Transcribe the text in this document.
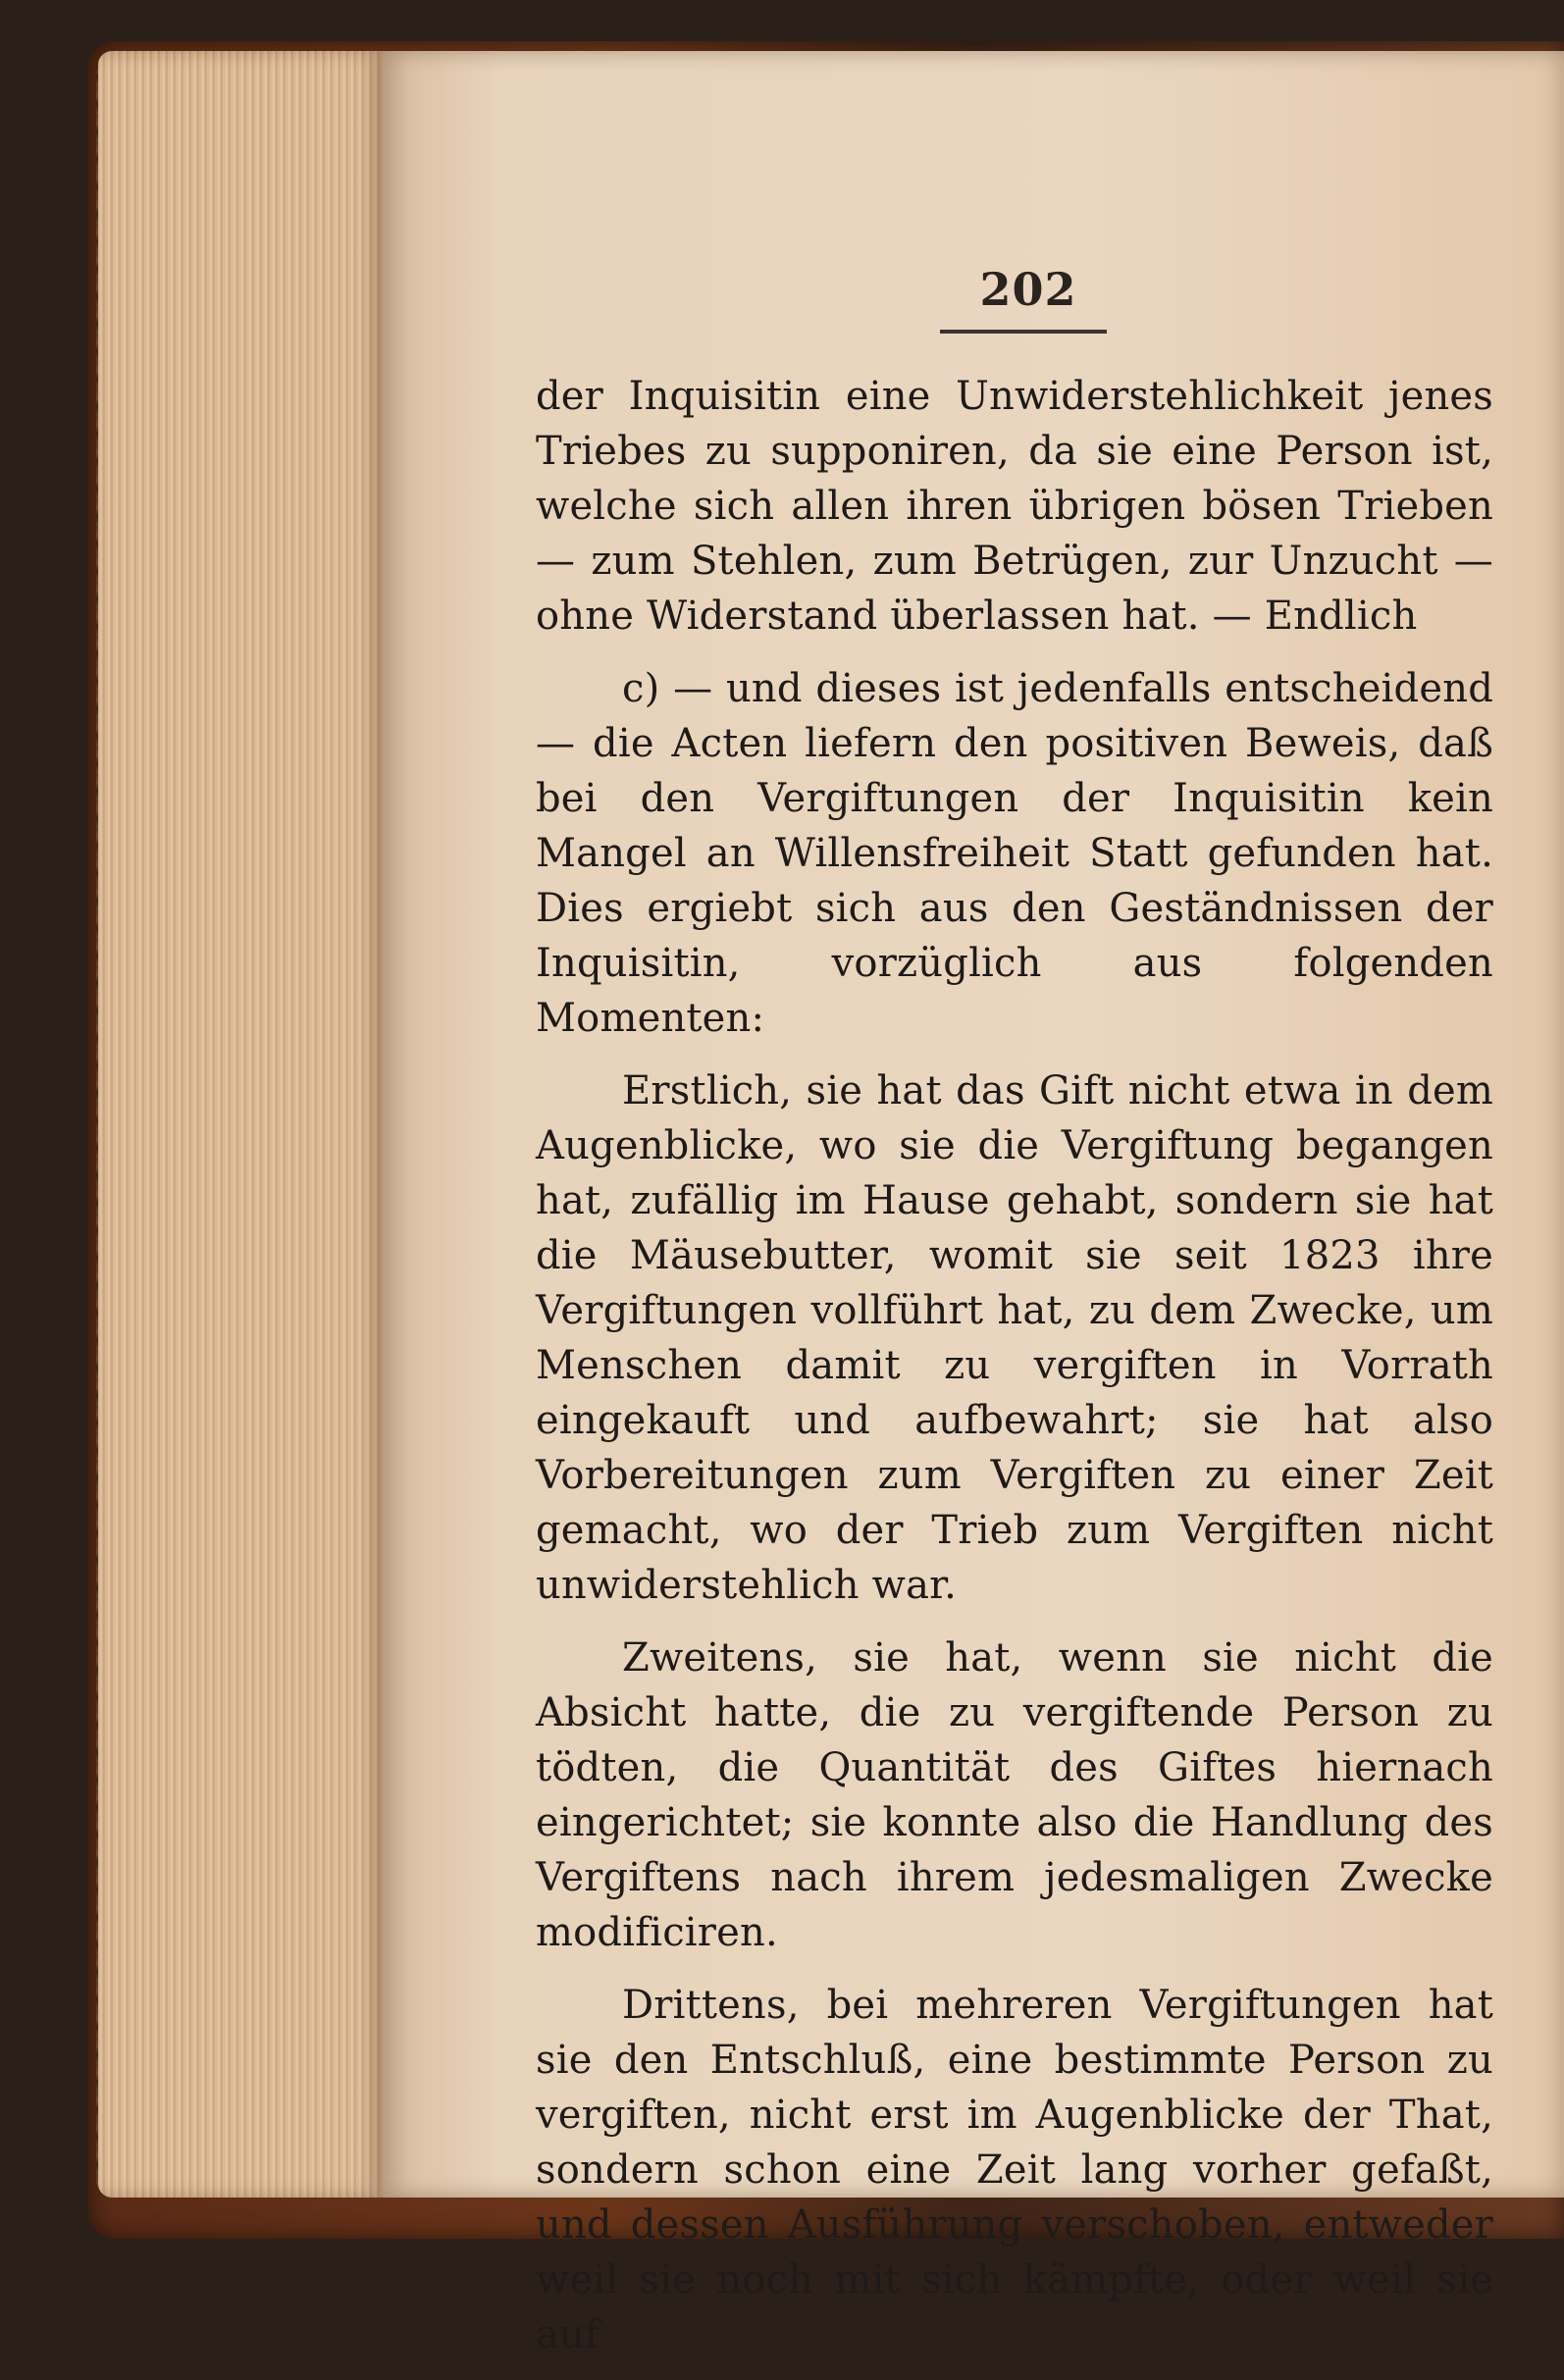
202

der Inquisitin eine Unwiderstehlichkeit jenes Triebes zu supponiren, da sie eine Person ist, welche sich allen ihren übrigen bösen Trieben — zum Stehlen, zum Betrügen, zur Unzucht — ohne Widerstand überlassen hat. — Endlich

c) — und dieses ist jedenfalls entscheidend — die Acten liefern den positiven Beweis, daß bei den Vergiftungen der Inquisitin kein Mangel an Willensfreiheit Statt gefunden hat. Dies ergiebt sich aus den Geständnissen der Inquisitin, vorzüglich aus folgenden Momenten:

Erstlich, sie hat das Gift nicht etwa in dem Augenblicke, wo sie die Vergiftung begangen hat, zufällig im Hause gehabt, sondern sie hat die Mäusebutter, womit sie seit 1823 ihre Vergiftungen vollführt hat, zu dem Zwecke, um Menschen damit zu vergiften in Vorrath eingekauft und aufbewahrt; sie hat also Vorbereitungen zum Vergiften zu einer Zeit gemacht, wo der Trieb zum Vergiften nicht unwiderstehlich war.

Zweitens, sie hat, wenn sie nicht die Absicht hatte, die zu vergiftende Person zu tödten, die Quantität des Giftes hiernach eingerichtet; sie konnte also die Handlung des Vergiftens nach ihrem jedesmaligen Zwecke modificiren.

Drittens, bei mehreren Vergiftungen hat sie den Entschluß, eine bestimmte Person zu vergiften, nicht erst im Augenblicke der That, sondern schon eine Zeit lang vorher gefaßt, und dessen Ausführung verschoben, entweder weil sie noch mit sich kämpfte, oder weil sie auf
